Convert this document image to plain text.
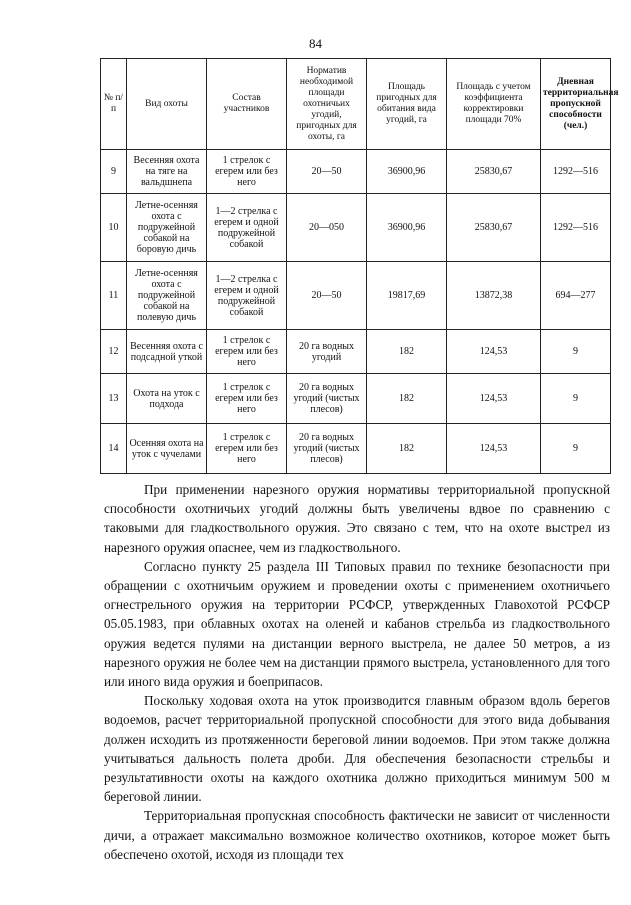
84
№ п/п	Вид охоты	Состав участников	Норматив необходимой площади охотничьих угодий, пригодных для охоты, га	Площадь пригодных для обитания вида угодий, га	Площадь с учетом коэффициента корректировки площади 70%	Дневная территориальная пропускной способности (чел.)
9	Весенняя охота на тяге на вальдшнепа	1 стрелок с егерем или без него	20—50	36900,96	25830,67	1292—516
10	Летне-осенняя охота с подружейной собакой на боровую дичь	1—2 стрелка с егерем и одной подружейной собакой	20—050	36900,96	25830,67	1292—516
11	Летне-осенняя охота с подружейной собакой на полевую дичь	1—2 стрелка с егерем и одной подружейной собакой	20—50	19817,69	13872,38	694—277
12	Весенняя охота с подсадной уткой	1 стрелок с егерем или без него	20 га водных угодий	182	124,53	9
13	Охота на уток с подхода	1 стрелок с егерем или без него	20 га водных угодий (чистых плесов)	182	124,53	9
14	Осенняя охота на уток с чучелами	1 стрелок с егерем или без него	20 га водных угодий (чистых плесов)	182	124,53	9

При применении нарезного оружия нормативы территориальной пропускной способности охотничьих угодий должны быть увеличены вдвое по сравнению с таковыми для гладкоствольного оружия. Это связано с тем, что на охоте выстрел из нарезного оружия опаснее, чем из гладкоствольного.

Согласно пункту 25 раздела III Типовых правил по технике безопасности при обращении с охотничьим оружием и проведении охоты с применением охотничьего огнестрельного оружия на территории РСФСР, утвержденных Главохотой РСФСР 05.05.1983, при облавных охотах на оленей и кабанов стрельба из гладкоствольного оружия ведется пулями на дистанции верного выстрела, не далее 50 метров, а из нарезного оружия не более чем на дистанции прямого выстрела, установленного для того или иного вида оружия и боеприпасов.

Поскольку ходовая охота на уток производится главным образом вдоль берегов водоемов, расчет территориальной пропускной способности для этого вида добывания должен исходить из протяженности береговой линии водоемов. При этом также должна учитываться дальность полета дроби. Для обеспечения безопасности стрельбы и результативности охоты на каждого охотника должно приходиться минимум 500 м береговой линии.

Территориальная пропускная способность фактически не зависит от численности дичи, а отражает максимально возможное количество охотников, которое может быть обеспечено охотой, исходя из площади тех
